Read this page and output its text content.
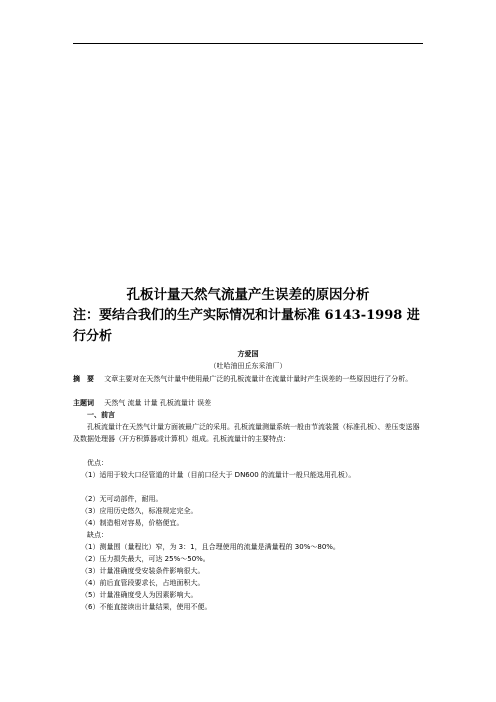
孔板计量天然气流量产生误差的原因分析
注：要结合我们的生产实际情况和计量标准 6143-1998 进行分析
方爱国
（吐哈油田丘东采油厂）
摘　要 文章主要对在天然气计量中使用最广泛的孔板流量计在流量计量时产生误差的一些原因进行了分析。
主题词 天然气 流量 计量 孔板流量计 误差
一、前言
孔板流量计在天然气计量方面被最广泛的采用。孔板流量测量系统一般由节流装置（标准孔板）、差压变送器及数据处理器（开方积算器或计算机）组成。孔板流量计的主要特点：
优点：
（1）适用于较大口径管道的计量（目前口径大于 DN600 的流量计一般只能选用孔板）。
（2）无可动部件，耐用。
（3）应用历史悠久，标准规定完全。
（4）制造相对容易，价格便宜。
缺点：
（1）测量围（量程比）窄，为 3：1，且合理使用的流量是满量程的 30%～80%。
（2）压力损失最大，可达 25%～50%。
（3）计量准确度受安装条件影响很大。
（4）前后直管段要求长，占地面积大。
（5）计量准确度受人为因素影响大。
（6）不能直接读出计量结果，使用不便。
